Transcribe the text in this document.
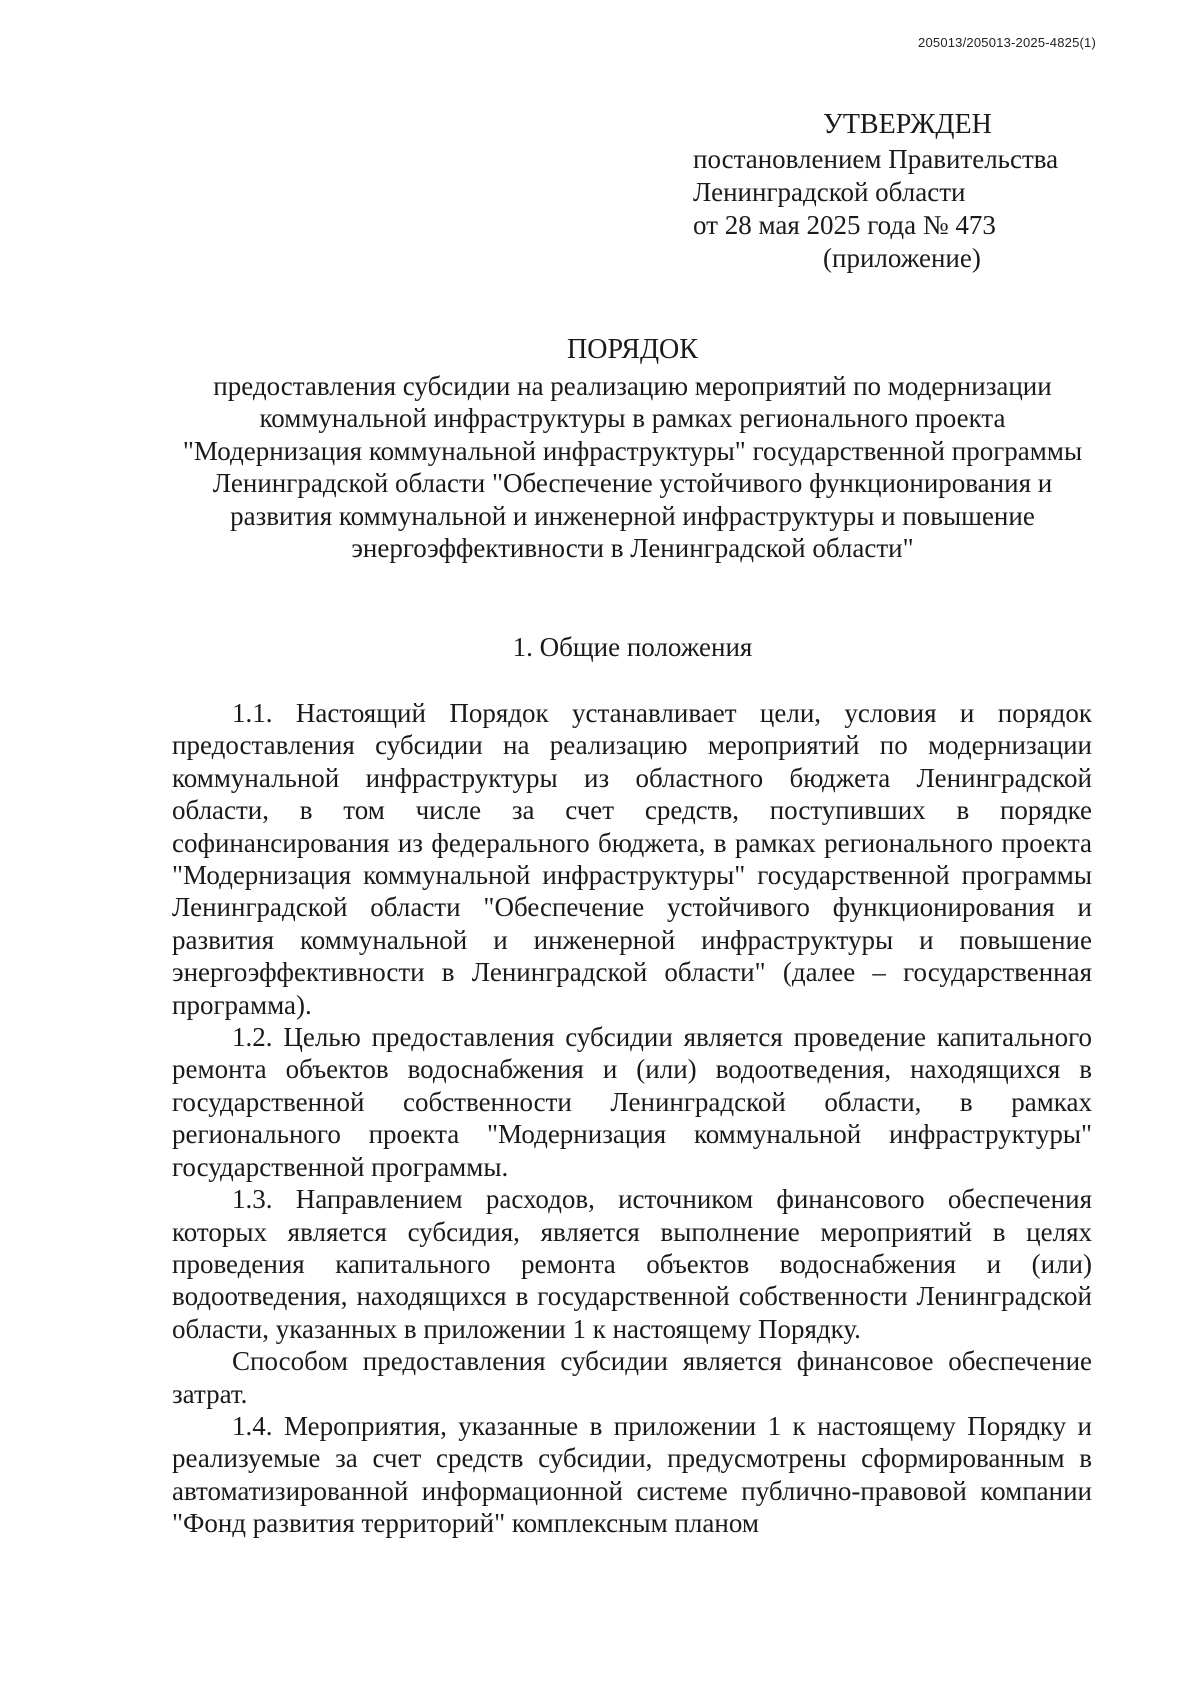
205013/205013-2025-4825(1)
УТВЕРЖДЕН
постановлением Правительства
Ленинградской области
от 28 мая 2025 года № 473
(приложение)
ПОРЯДОК
предоставления субсидии на реализацию мероприятий по модернизации коммунальной инфраструктуры в рамках регионального проекта "Модернизация коммунальной инфраструктуры" государственной программы Ленинградской области "Обеспечение устойчивого функционирования и развития коммунальной и инженерной инфраструктуры и повышение энергоэффективности в Ленинградской области"
1. Общие положения

1.1. Настоящий Порядок устанавливает цели, условия и порядок предоставления субсидии на реализацию мероприятий по модернизации коммунальной инфраструктуры из областного бюджета Ленинградской области, в том числе за счет средств, поступивших в порядке софинансирования из федерального бюджета, в рамках регионального проекта "Модернизация коммунальной инфраструктуры" государственной программы Ленинградской области "Обеспечение устойчивого функционирования и развития коммунальной и инженерной инфраструктуры и повышение энергоэффективности в Ленинградской области" (далее – государственная программа).

1.2. Целью предоставления субсидии является проведение капитального ремонта объектов водоснабжения и (или) водоотведения, находящихся в государственной собственности Ленинградской области, в рамках регионального проекта "Модернизация коммунальной инфраструктуры" государственной программы.

1.3. Направлением расходов, источником финансового обеспечения которых является субсидия, является выполнение мероприятий в целях проведения капитального ремонта объектов водоснабжения и (или) водоотведения, находящихся в государственной собственности Ленинградской области, указанных в приложении 1 к настоящему Порядку.

Способом предоставления субсидии является финансовое обеспечение затрат.

1.4. Мероприятия, указанные в приложении 1 к настоящему Порядку и реализуемые за счет средств субсидии, предусмотрены сформированным в автоматизированной информационной системе публично-правовой компании "Фонд развития территорий" комплексным планом
